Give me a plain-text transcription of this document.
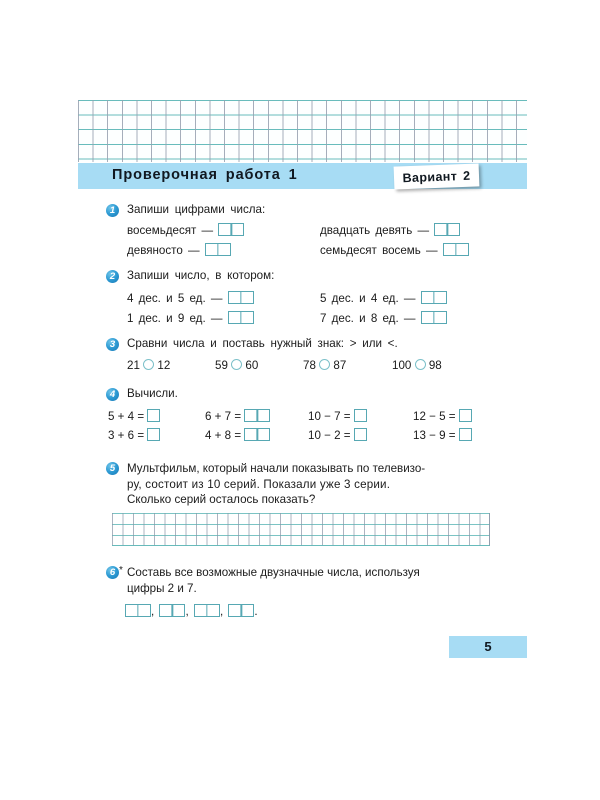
Проверочная работа 1	Вариант 2
1	Запиши цифрами числа:
восемьдесят —	двадцать девять —
девяносто —	семьдесят восемь —
2	Запиши число, в котором:
4 дес. и 5 ед. —	5 дес. и 4 ед. —
1 дес. и 9 ед. —	7 дес. и 8 ед. —
3	Сравни числа и поставь нужный знак: > или <.
21 12	59 60	78 87	100 98
4	Вычисли.
5 + 4 =	6 + 7 =	10 − 7 =	12 − 5 =
3 + 6 =	4 + 8 =	10 − 2 =	13 − 9 =
5	Мультфильм, который начали показывать по телевизо-
ру, состоит из 10 серий. Показали уже 3 серии.
Сколько серий осталось показать?
6 * Составь все возможные двузначные числа, используя
цифры 2 и 7.
,	,	,	.
5
